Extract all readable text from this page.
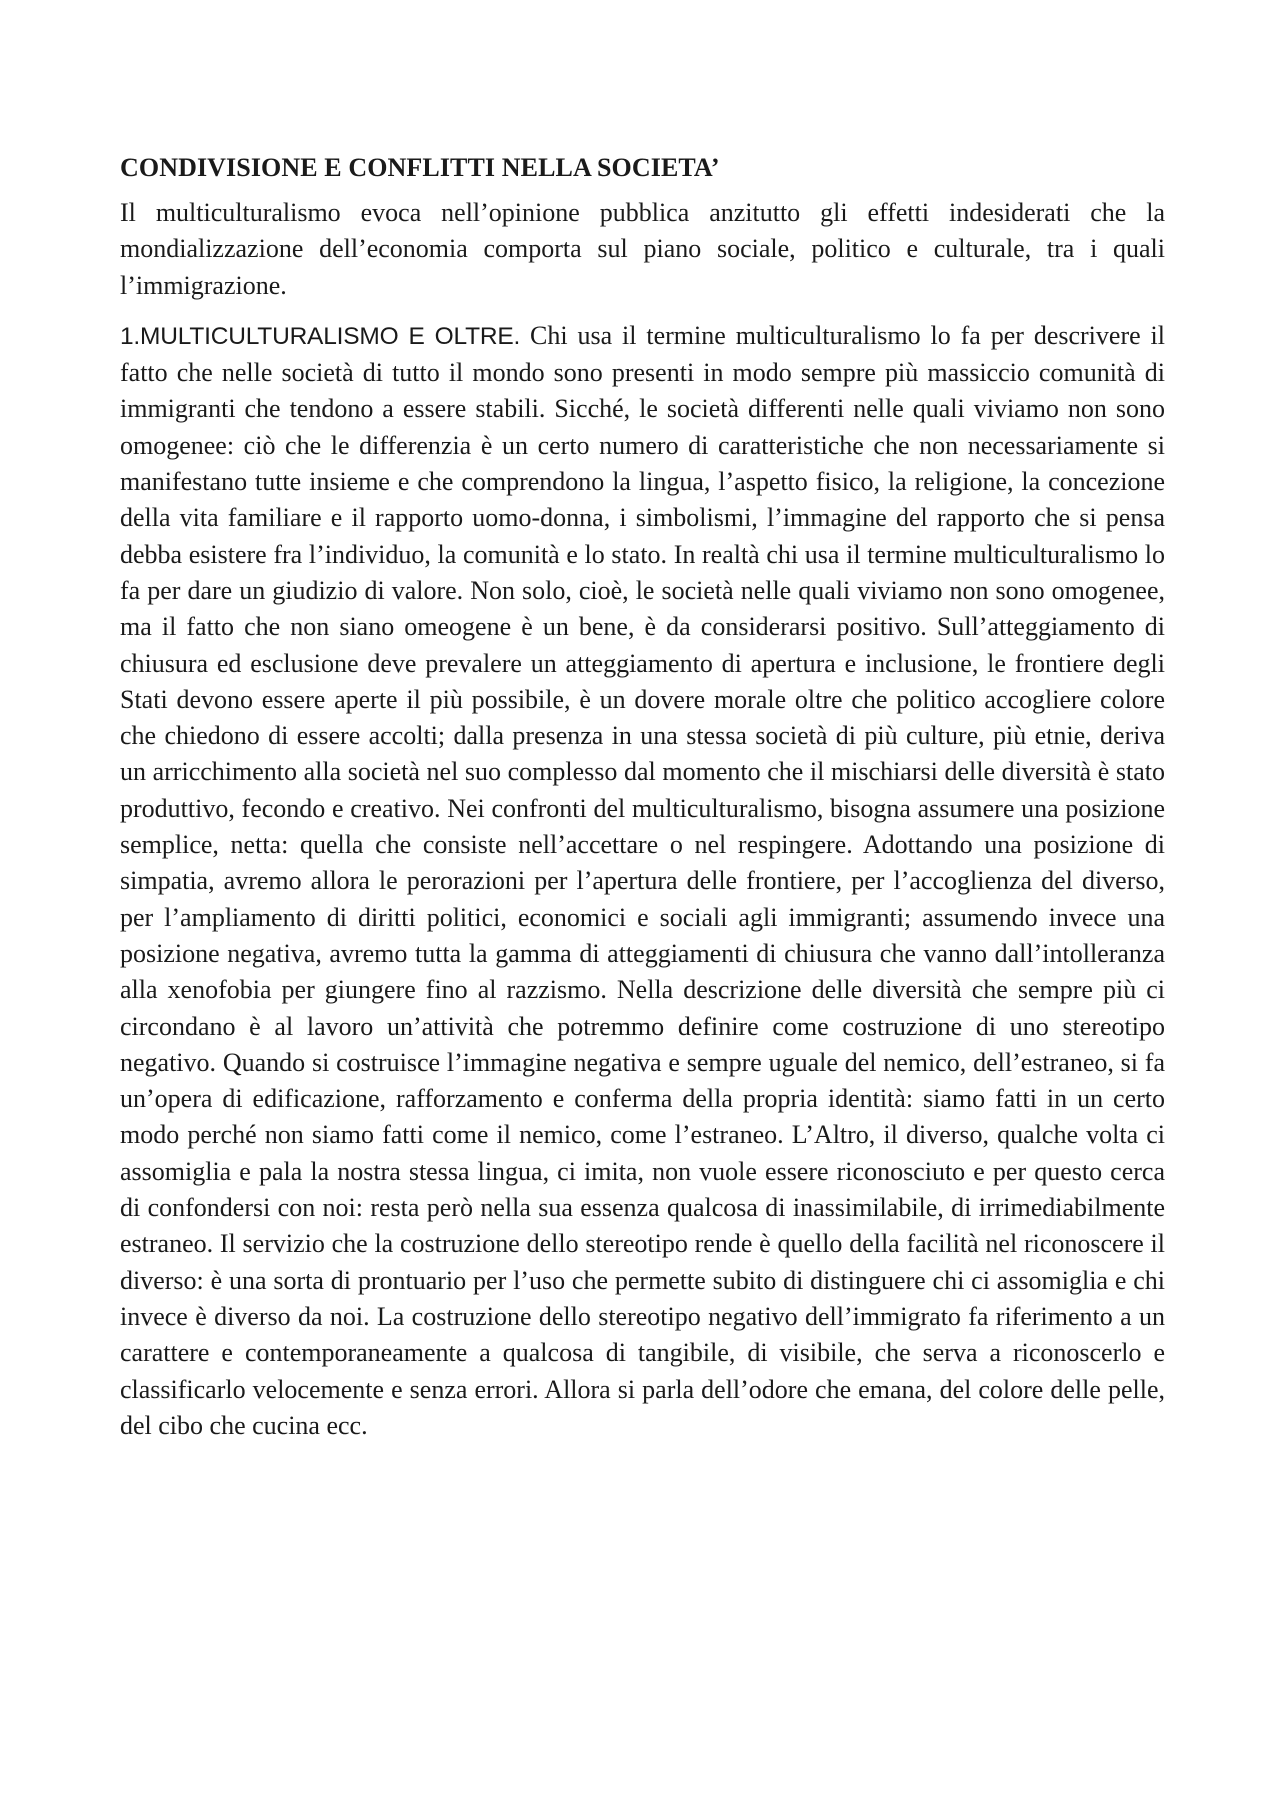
CONDIVISIONE E CONFLITTI NELLA SOCIETA’

Il multiculturalismo evoca nell’opinione pubblica anzitutto gli effetti indesiderati che la mondializzazione dell’economia comporta sul piano sociale, politico e culturale, tra i quali l’immigrazione.

1.MULTICULTURALISMO E OLTRE. Chi usa il termine multiculturalismo lo fa per descrivere il fatto che nelle società di tutto il mondo sono presenti in modo sempre più massiccio comunità di immigranti che tendono a essere stabili. Sicché, le società differenti nelle quali viviamo non sono omogenee: ciò che le differenzia è un certo numero di caratteristiche che non necessariamente si manifestano tutte insieme e che comprendono la lingua, l’aspetto fisico, la religione, la concezione della vita familiare e il rapporto uomo-donna, i simbolismi, l’immagine del rapporto che si pensa debba esistere fra l’individuo, la comunità e lo stato. In realtà chi usa il termine multiculturalismo lo fa per dare un giudizio di valore. Non solo, cioè, le società nelle quali viviamo non sono omogenee, ma il fatto che non siano omeogene è un bene, è da considerarsi positivo. Sull’atteggiamento di chiusura ed esclusione deve prevalere un atteggiamento di apertura e inclusione, le frontiere degli Stati devono essere aperte il più possibile, è un dovere morale oltre che politico accogliere colore che chiedono di essere accolti; dalla presenza in una stessa società di più culture, più etnie, deriva un arricchimento alla società nel suo complesso dal momento che il mischiarsi delle diversità è stato produttivo, fecondo e creativo. Nei confronti del multiculturalismo, bisogna assumere una posizione semplice, netta: quella che consiste nell’accettare o nel respingere. Adottando una posizione di simpatia, avremo allora le perorazioni per l’apertura delle frontiere, per l’accoglienza del diverso, per l’ampliamento di diritti politici, economici e sociali agli immigranti; assumendo invece una posizione negativa, avremo tutta la gamma di atteggiamenti di chiusura che vanno dall’intolleranza alla xenofobia per giungere fino al razzismo. Nella descrizione delle diversità che sempre più ci circondano è al lavoro un’attività che potremmo definire come costruzione di uno stereotipo negativo. Quando si costruisce l’immagine negativa e sempre uguale del nemico, dell’estraneo, si fa un’opera di edificazione, rafforzamento e conferma della propria identità: siamo fatti in un certo modo perché non siamo fatti come il nemico, come l’estraneo. L’Altro, il diverso, qualche volta ci assomiglia e pala la nostra stessa lingua, ci imita, non vuole essere riconosciuto e per questo cerca di confondersi con noi: resta però nella sua essenza qualcosa di inassimilabile, di irrimediabilmente estraneo. Il servizio che la costruzione dello stereotipo rende è quello della facilità nel riconoscere il diverso: è una sorta di prontuario per l’uso che permette subito di distinguere chi ci assomiglia e chi invece è diverso da noi. La costruzione dello stereotipo negativo dell’immigrato fa riferimento a un carattere e contemporaneamente a qualcosa di tangibile, di visibile, che serva a riconoscerlo e classificarlo velocemente e senza errori. Allora si parla dell’odore che emana, del colore delle pelle, del cibo che cucina ecc.
